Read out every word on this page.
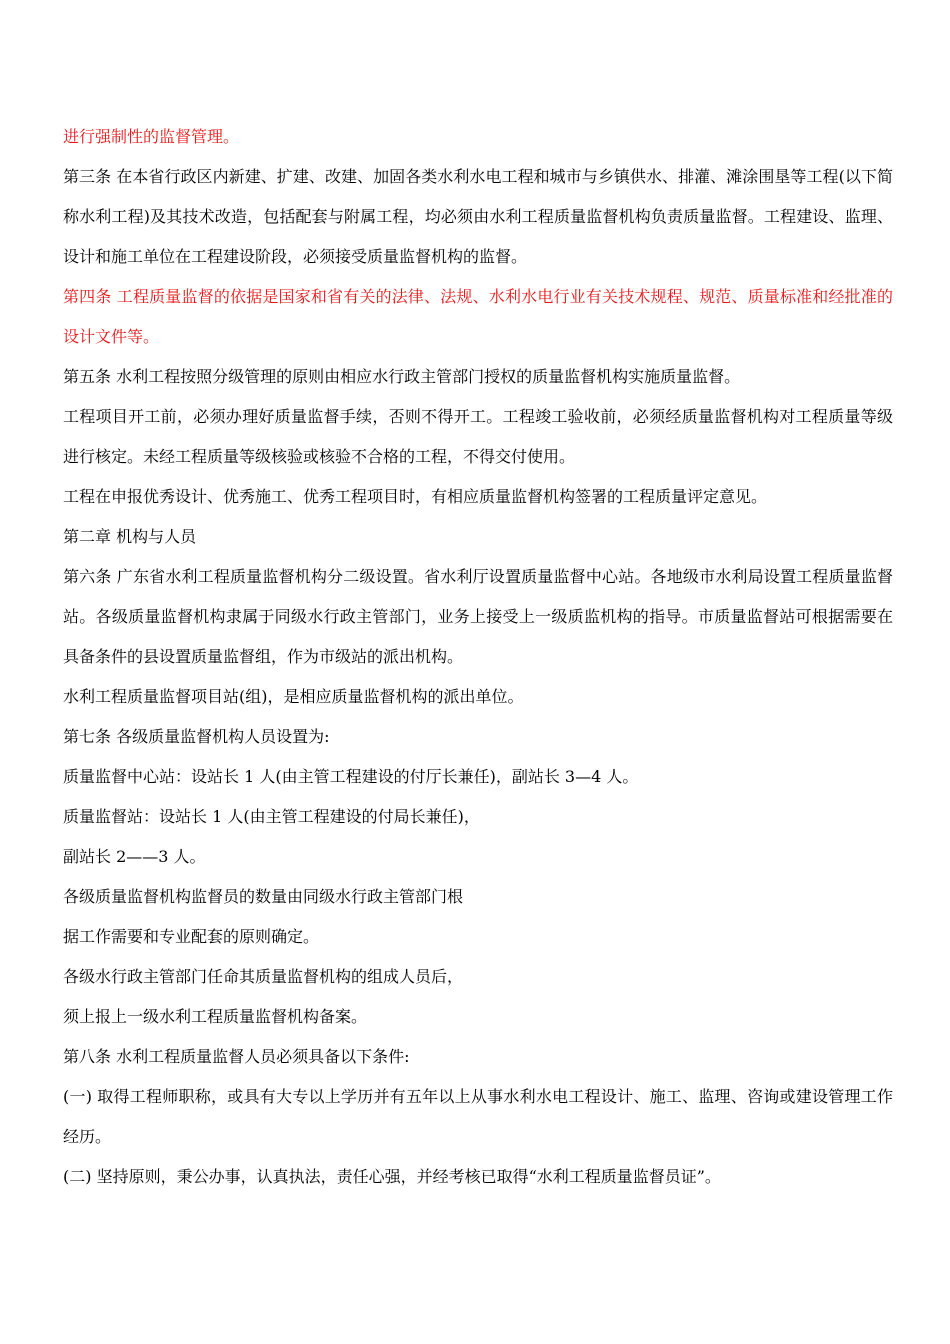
进行强制性的监督管理。

第三条 在本省行政区内新建、扩建、改建、加固各类水利水电工程和城市与乡镇供水、排灌、滩涂围垦等工程(以下简称水利工程)及其技术改造，包括配套与附属工程，均必须由水利工程质量监督机构负责质量监督。工程建设、监理、设计和施工单位在工程建设阶段，必须接受质量监督机构的监督。

第四条 工程质量监督的依据是国家和省有关的法律、法规、水利水电行业有关技术规程、规范、质量标准和经批准的设计文件等。

第五条 水利工程按照分级管理的原则由相应水行政主管部门授权的质量监督机构实施质量监督。

工程项目开工前，必须办理好质量监督手续，否则不得开工。工程竣工验收前，必须经质量监督机构对工程质量等级进行核定。未经工程质量等级核验或核验不合格的工程，不得交付使用。

工程在申报优秀设计、优秀施工、优秀工程项目时，有相应质量监督机构签署的工程质量评定意见。

第二章 机构与人员

第六条 广东省水利工程质量监督机构分二级设置。省水利厅设置质量监督中心站。各地级市水利局设置工程质量监督站。各级质量监督机构隶属于同级水行政主管部门，业务上接受上一级质监机构的指导。市质量监督站可根据需要在具备条件的县设置质量监督组，作为市级站的派出机构。

水利工程质量监督项目站(组)，是相应质量监督机构的派出单位。

第七条 各级质量监督机构人员设置为:

质量监督中心站：设站长 1 人(由主管工程建设的付厅长兼任)，副站长 3—4 人。

质量监督站：设站长 1 人(由主管工程建设的付局长兼任)，

副站长 2——3 人。

各级质量监督机构监督员的数量由同级水行政主管部门根

据工作需要和专业配套的原则确定。

各级水行政主管部门任命其质量监督机构的组成人员后，

须上报上一级水利工程质量监督机构备案。

第八条 水利工程质量监督人员必须具备以下条件:

(一) 取得工程师职称，或具有大专以上学历并有五年以上从事水利水电工程设计、施工、监理、咨询或建设管理工作经历。

(二) 坚持原则，秉公办事，认真执法，责任心强，并经考核已取得“水利工程质量监督员证”。
